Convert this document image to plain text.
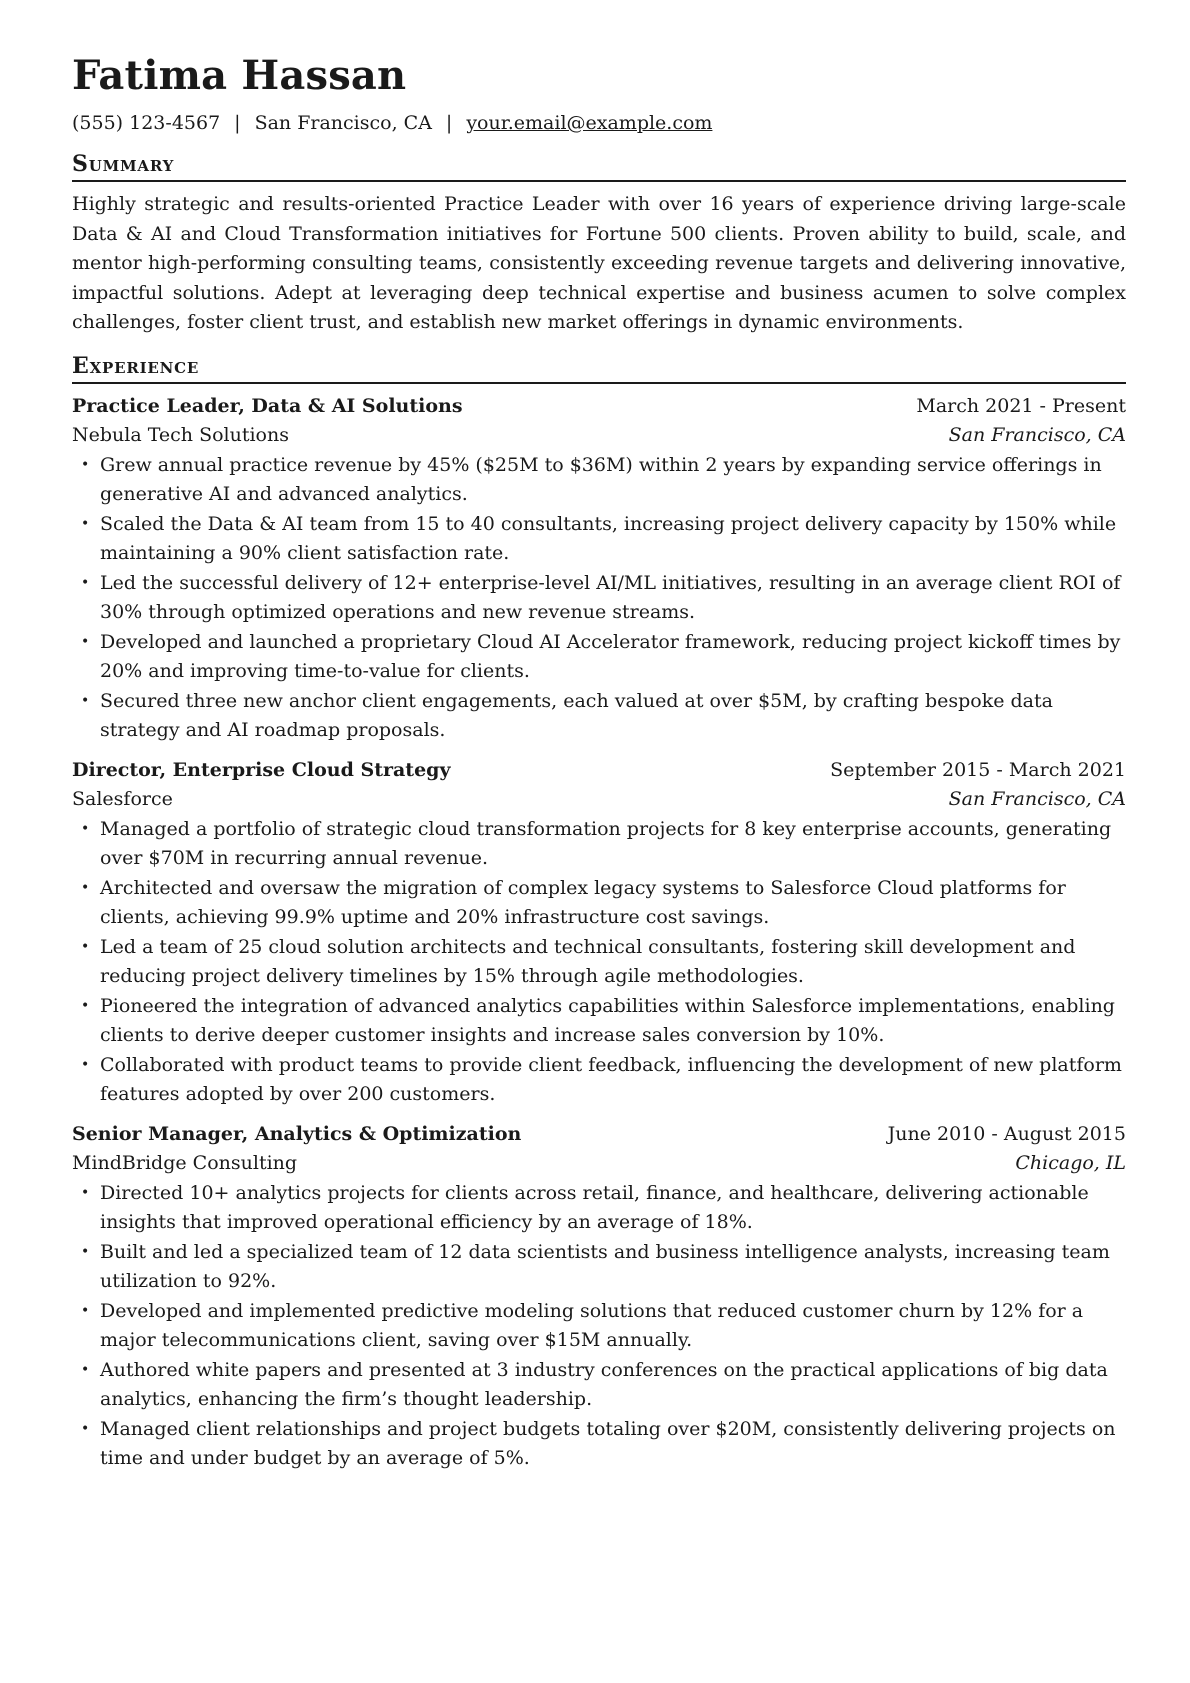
Fatima Hassan
(555) 123-4567 | San Francisco, CA | your.email@example.com
Summary

Highly strategic and results-oriented Practice Leader with over 16 years of experience driving large-scale Data & AI and Cloud Transformation initiatives for Fortune 500 clients. Proven ability to build, scale, and mentor high-performing consulting teams, consistently exceeding revenue targets and delivering innovative, impactful solutions. Adept at leveraging deep technical expertise and business acumen to solve complex challenges, foster client trust, and establish new market offerings in dynamic environments.

Experience
Practice Leader, Data & AI Solutions	March 2021 - Present
Nebula Tech Solutions	San Francisco, CA
• Grew annual practice revenue by 45% ($25M to $36M) within 2 years by expanding service offerings in generative AI and advanced analytics.
• Scaled the Data & AI team from 15 to 40 consultants, increasing project delivery capacity by 150% while maintaining a 90% client satisfaction rate.
• Led the successful delivery of 12+ enterprise-level AI/ML initiatives, resulting in an average client ROI of 30% through optimized operations and new revenue streams.
• Developed and launched a proprietary Cloud AI Accelerator framework, reducing project kickoff times by 20% and improving time-to-value for clients.
• Secured three new anchor client engagements, each valued at over $5M, by crafting bespoke data strategy and AI roadmap proposals.
Director, Enterprise Cloud Strategy	September 2015 - March 2021
Salesforce	San Francisco, CA
• Managed a portfolio of strategic cloud transformation projects for 8 key enterprise accounts, generating over $70M in recurring annual revenue.
• Architected and oversaw the migration of complex legacy systems to Salesforce Cloud platforms for clients, achieving 99.9% uptime and 20% infrastructure cost savings.
• Led a team of 25 cloud solution architects and technical consultants, fostering skill development and reducing project delivery timelines by 15% through agile methodologies.
• Pioneered the integration of advanced analytics capabilities within Salesforce implementations, enabling clients to derive deeper customer insights and increase sales conversion by 10%.
• Collaborated with product teams to provide client feedback, influencing the development of new platform features adopted by over 200 customers.
Senior Manager, Analytics & Optimization	June 2010 - August 2015
MindBridge Consulting	Chicago, IL
• Directed 10+ analytics projects for clients across retail, finance, and healthcare, delivering actionable insights that improved operational efficiency by an average of 18%.
• Built and led a specialized team of 12 data scientists and business intelligence analysts, increasing team utilization to 92%.
• Developed and implemented predictive modeling solutions that reduced customer churn by 12% for a major telecommunications client, saving over $15M annually.
• Authored white papers and presented at 3 industry conferences on the practical applications of big data analytics, enhancing the firm’s thought leadership.
• Managed client relationships and project budgets totaling over $20M, consistently delivering projects on time and under budget by an average of 5%.
